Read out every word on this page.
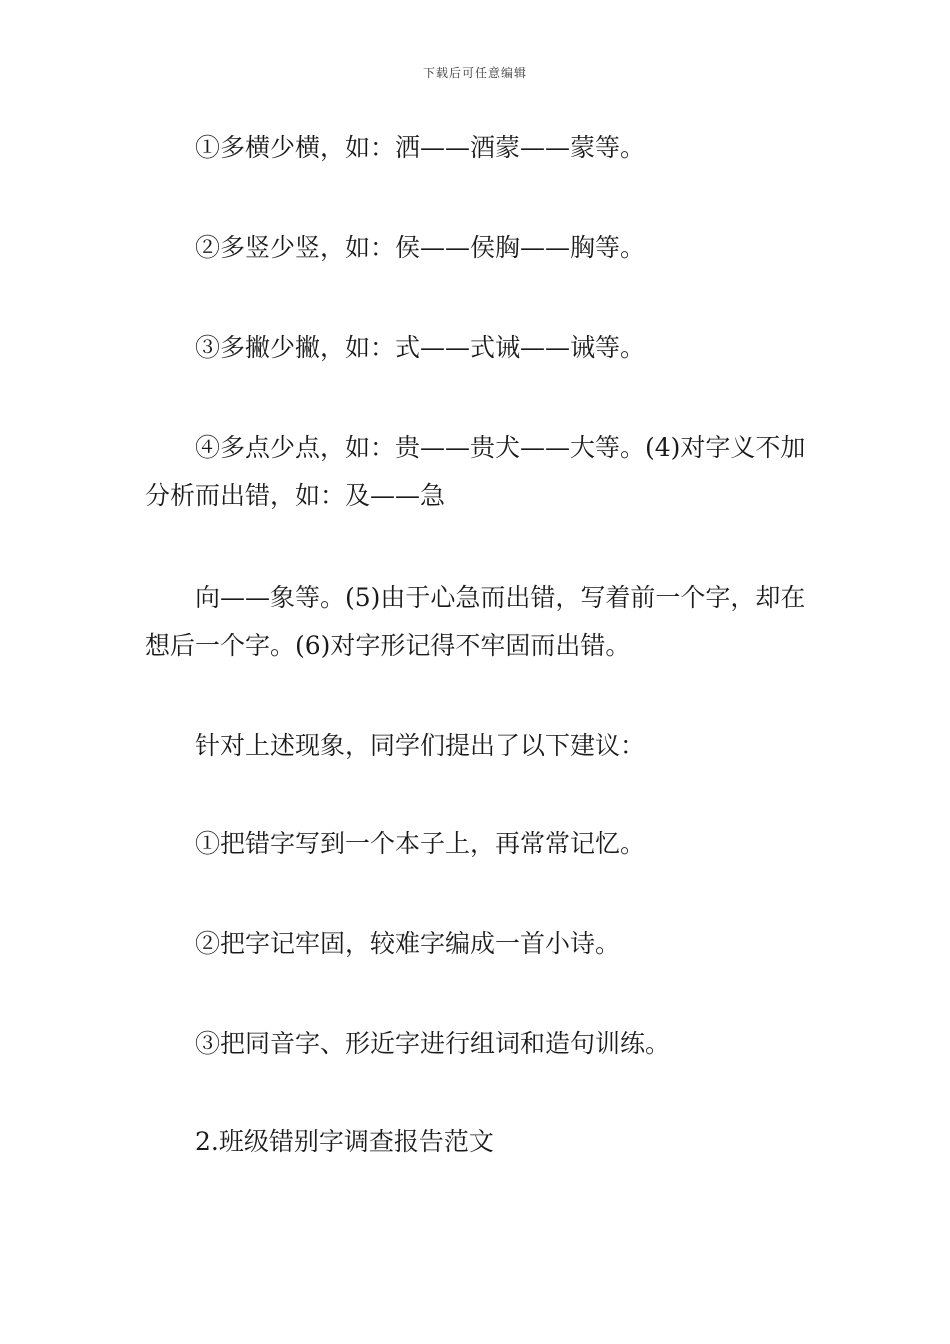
下载后可任意编辑

①多横少横，如：洒——酒蒙——蒙等。

②多竖少竖，如：侯——侯胸——胸等。

③多撇少撇，如：式——式诫——诫等。

④多点少点，如：贵——贵犬——大等。(4)对字义不加分析而出错，如：及——急

向——象等。(5)由于心急而出错，写着前一个字，却在想后一个字。(6)对字形记得不牢固而出错。

针对上述现象，同学们提出了以下建议：

①把错字写到一个本子上，再常常记忆。

②把字记牢固，较难字编成一首小诗。

③把同音字、形近字进行组词和造句训练。

2.班级错别字调查报告范文
